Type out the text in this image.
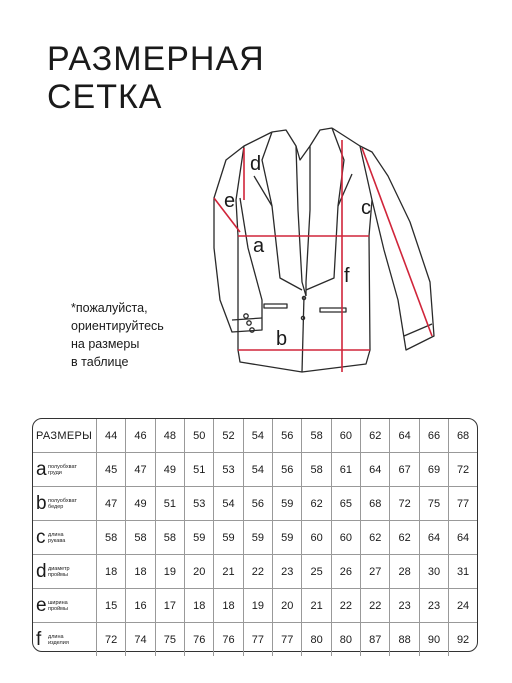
РАЗМЕРНАЯ
СЕТКА
*пожалуйста,
ориентируйтесь
на размеры
в таблице
d
e	c
a
f
b
РАЗМЕРЫ	44	46	48	50	52	54	56	58	60	62	64	66	68
a полуобхват
груди	45	47	49	51	53	54	56	58	61	64	67	69	72
b полуобхват
бедер	47	49	51	53	54	56	59	62	65	68	72	75	77
c длина
рукава	58	58	58	59	59	59	59	60	60	62	62	64	64
d диаметр
проймы	18	18	19	20	21	22	23	25	26	27	28	30	31
e ширина
проймы	15	16	17	18	18	19	20	21	22	22	23	23	24
f длина
изделия	72	74	75	76	76	77	77	80	80	87	88	90	92
